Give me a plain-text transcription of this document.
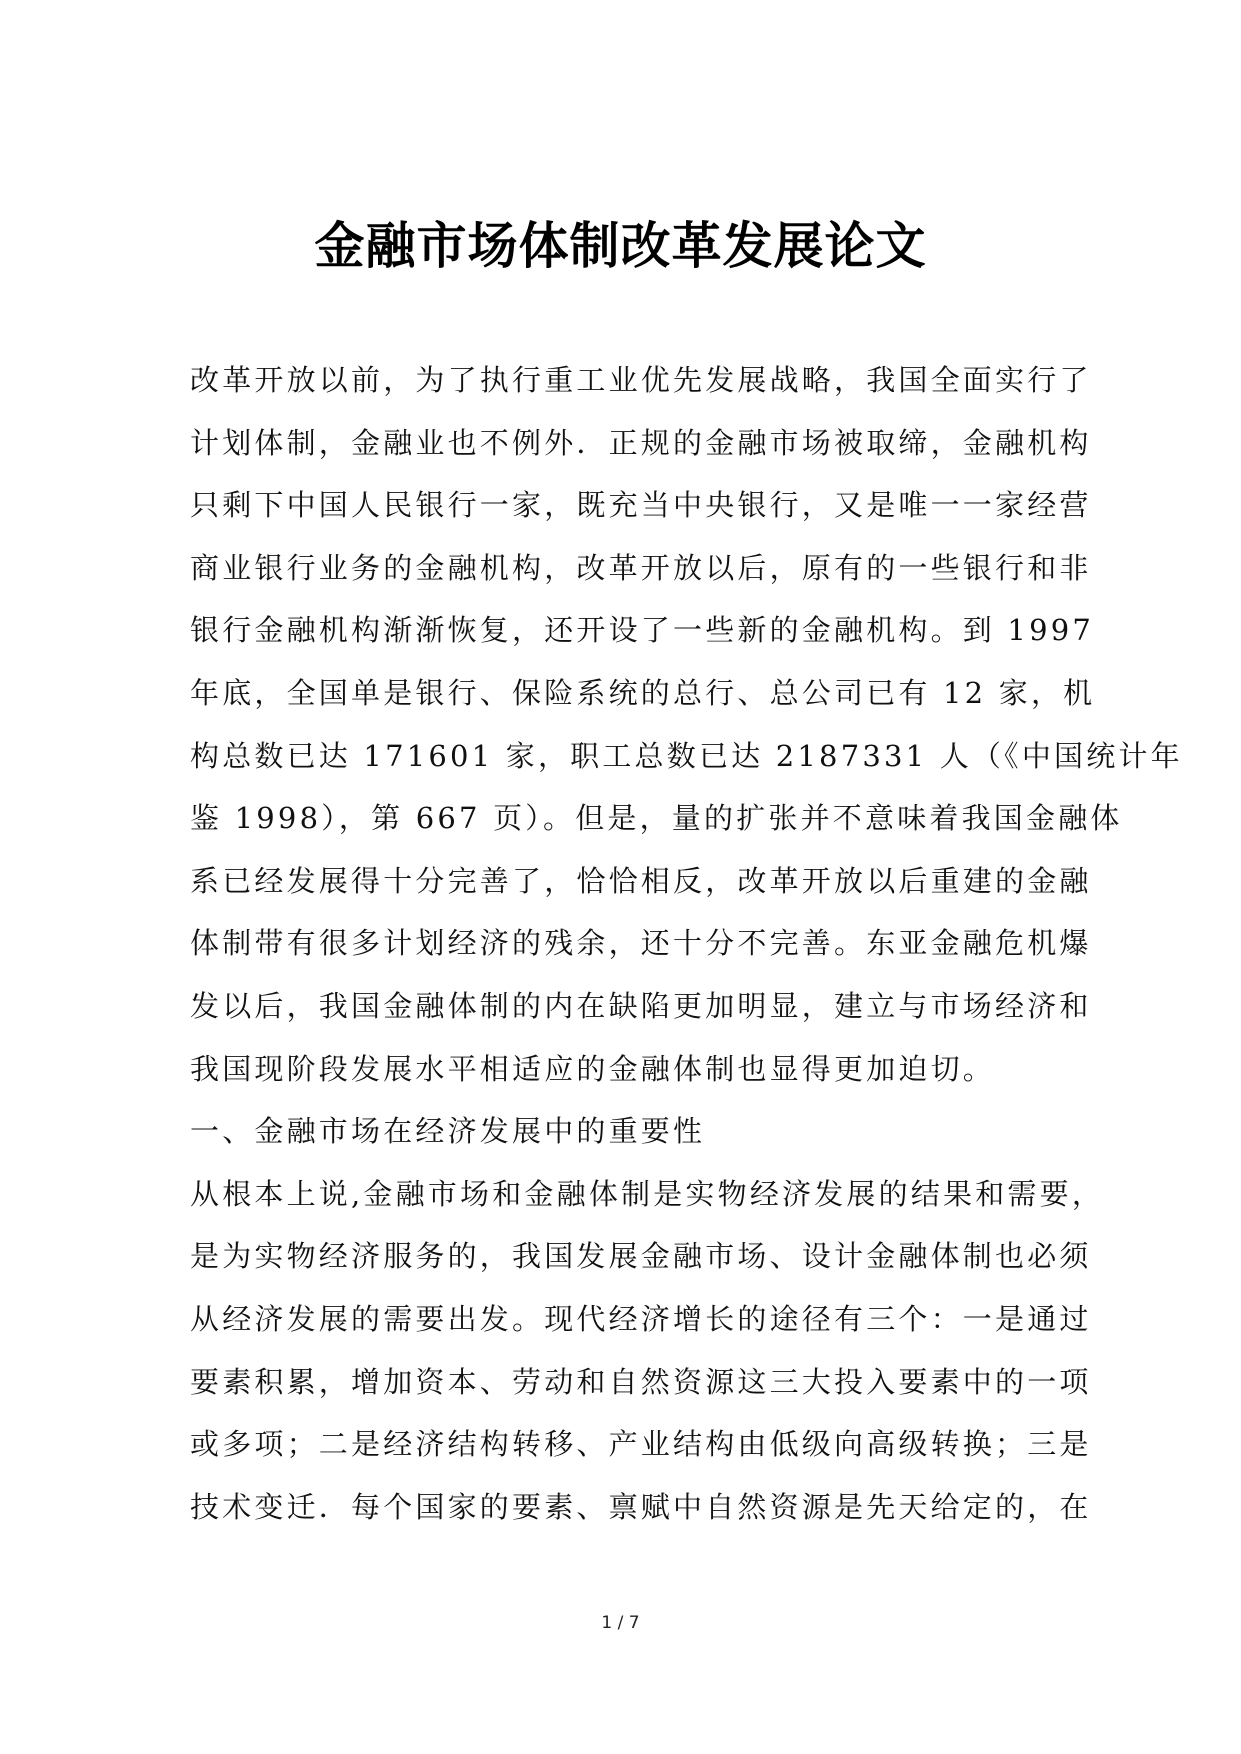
金融市场体制改革发展论文
改革开放以前，为了执行重工业优先发展战略，我国全面实行了
计划体制，金融业也不例外．正规的金融市场被取缔，金融机构
只剩下中国人民银行一家，既充当中央银行，又是唯一一家经营
商业银行业务的金融机构，改革开放以后，原有的一些银行和非
银行金融机构渐渐恢复，还开设了一些新的金融机构。到 1997
年底，全国单是银行、保险系统的总行、总公司已有 12 家，机
构总数已达 171601 家，职工总数已达 2187331 人（《中国统计年
鉴 1998），第 667 页）。但是，量的扩张并不意味着我国金融体
系已经发展得十分完善了，恰恰相反，改革开放以后重建的金融
体制带有很多计划经济的残余，还十分不完善。东亚金融危机爆
发以后，我国金融体制的内在缺陷更加明显，建立与市场经济和
我国现阶段发展水平相适应的金融体制也显得更加迫切。
一、金融市场在经济发展中的重要性
从根本上说,金融市场和金融体制是实物经济发展的结果和需要，
是为实物经济服务的，我国发展金融市场、设计金融体制也必须
从经济发展的需要出发。现代经济增长的途径有三个：一是通过
要素积累，增加资本、劳动和自然资源这三大投入要素中的一项
或多项；二是经济结构转移、产业结构由低级向高级转换；三是
技术变迁．每个国家的要素、禀赋中自然资源是先天给定的，在
1 / 7
